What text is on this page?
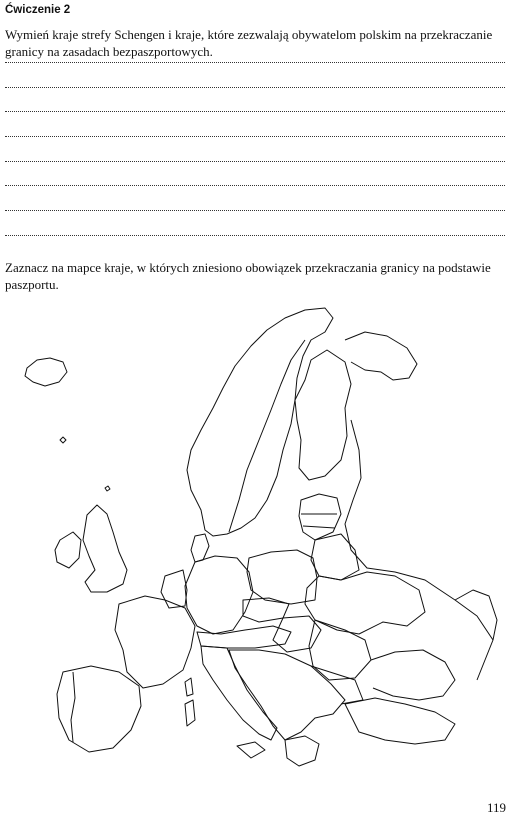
Ćwiczenie 2

Wymień kraje strefy Schengen i kraje, które zezwalają obywatelom polskim na przekraczanie granicy na zasadach bezpaszportowych.

Zaznacz na mapce kraje, w których zniesiono obowiązek przekraczania granicy na podstawie paszportu.

119
